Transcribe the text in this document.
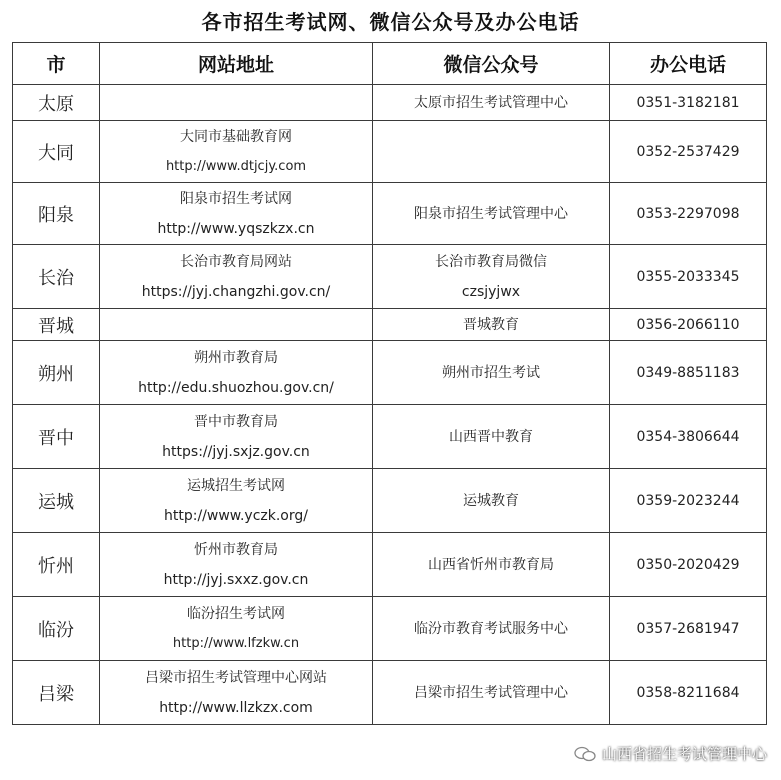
各市招生考试网、微信公众号及办公电话
市	网站地址	微信公众号	办公电话
太原		太原市招生考试管理中心	0351-3182181
大同	大同市基础教育网
http://www.dtjcjy.com		0352-2537429
阳泉	阳泉市招生考试网
http://www.yqszkzx.cn	阳泉市招生考试管理中心	0353-2297098
长治	长治市教育局网站
https://jyj.changzhi.gov.cn/	长治市教育局微信
czsjyjwx	0355-2033345
晋城		晋城教育	0356-2066110
朔州	朔州市教育局
http://edu.shuozhou.gov.cn/	朔州市招生考试	0349-8851183
晋中	晋中市教育局
https://jyj.sxjz.gov.cn	山西晋中教育	0354-3806644
运城	运城招生考试网
http://www.yczk.org/	运城教育	0359-2023244
忻州	忻州市教育局
http://jyj.sxxz.gov.cn	山西省忻州市教育局	0350-2020429
临汾	临汾招生考试网
http://www.lfzkw.cn	临汾市教育考试服务中心	0357-2681947
吕梁	吕梁市招生考试管理中心网站
http://www.llzkzx.com	吕梁市招生考试管理中心	0358-8211684
山西省招生考试管理中心
